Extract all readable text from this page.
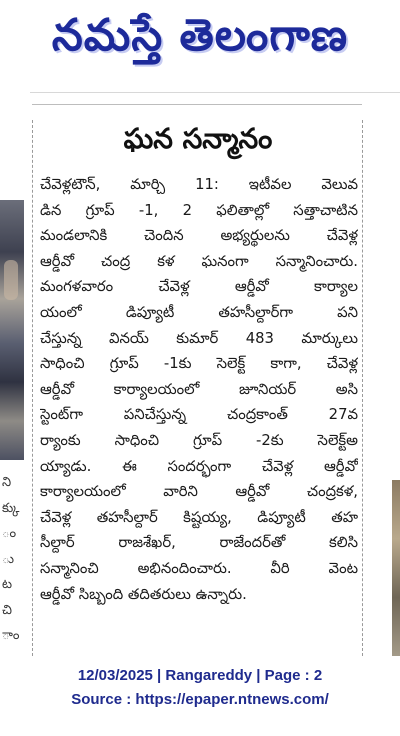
నమస్తే తెలంగాణ
ని
క్కు
ం
ు
ట
చి
ాం
ఘన సన్మానం
చేవెళ్లటౌన్, మార్చి 11: ఇటీవల వెలువ
డిన గ్రూప్ -1, 2 ఫలితాల్లో సత్తాచాటిన
మండలానికి చెందిన అభ్యర్థులను చేవెళ్ల
ఆర్డీవో చంద్ర కళ ఘనంగా సన్మానించారు.
మంగళవారం చేవెళ్ల ఆర్డీవో కార్యాల
యంలో డిప్యూటీ తహసీల్దార్‌గా పని
చేస్తున్న వినయ్ కుమార్ 483 మార్కులు
సాధించి గ్రూప్ -1కు సెలెక్ట్ కాగా, చేవెళ్ల
ఆర్డీవో కార్యాలయంలో జూనియర్ అసి
స్టెంట్‌గా పనిచేస్తున్న చంద్రకాంత్ 27వ
ర్యాంకు సాధించి గ్రూప్ -2కు సెలెక్ట్‌అ
య్యాడు. ఈ సందర్భంగా చేవెళ్ల ఆర్డీవో
కార్యాలయంలో వారిని ఆర్డీవో చంద్రకళ,
చేవెళ్ల తహసీల్దార్ కిష్టయ్య, డిప్యూటీ తహ
సీల్దార్ రాజశేఖర్, రాజేందర్‌తో కలిసి
సన్మానించి అభినందించారు. వీరి వెంట
ఆర్డీవో సిబ్బంది తదితరులు ఉన్నారు.
12/03/2025 | Rangareddy | Page : 2
Source : https://epaper.ntnews.com/
